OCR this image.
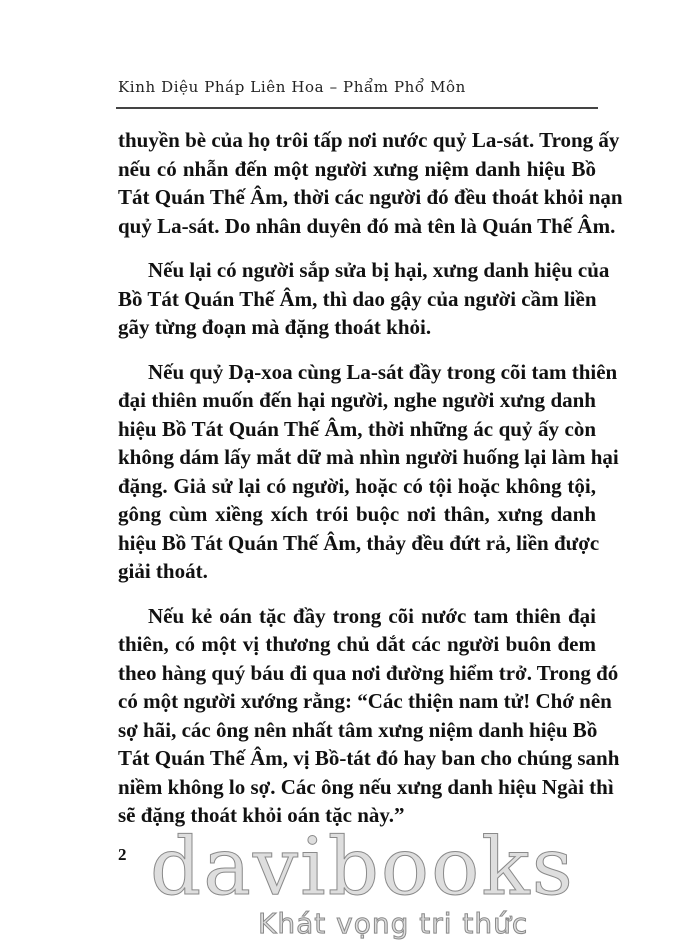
Kinh Diệu Pháp Liên Hoa – Phẩm Phổ Môn
thuyền bè của họ trôi tấp nơi nước quỷ La-sát. Trong ấy
nếu có nhẫn đến một người xưng niệm danh hiệu Bồ
Tát Quán Thế Âm, thời các người đó đều thoát khỏi nạn
quỷ La-sát. Do nhân duyên đó mà tên là Quán Thế Âm.
Nếu lại có người sắp sửa bị hại, xưng danh hiệu của
Bồ Tát Quán Thế Âm, thì dao gậy của người cầm liền
gãy từng đoạn mà đặng thoát khỏi.
Nếu quỷ Dạ-xoa cùng La-sát đầy trong cõi tam thiên
đại thiên muốn đến hại người, nghe người xưng danh
hiệu Bồ Tát Quán Thế Âm, thời những ác quỷ ấy còn
không dám lấy mắt dữ mà nhìn người huống lại làm hại
đặng. Giả sử lại có người, hoặc có tội hoặc không tội,
gông cùm xiềng xích trói buộc nơi thân, xưng danh
hiệu Bồ Tát Quán Thế Âm, thảy đều đứt rả, liền được
giải thoát.
Nếu kẻ oán tặc đầy trong cõi nước tam thiên đại
thiên, có một vị thương chủ dắt các người buôn đem
theo hàng quý báu đi qua nơi đường hiểm trở. Trong đó
có một người xướng rằng: “Các thiện nam tử! Chớ nên
sợ hãi, các ông nên nhất tâm xưng niệm danh hiệu Bồ
Tát Quán Thế Âm, vị Bồ-tát đó hay ban cho chúng sanh
niềm không lo sợ. Các ông nếu xưng danh hiệu Ngài thì
sẽ đặng thoát khỏi oán tặc này.”
2 davibooks
Khát vọng tri thức
